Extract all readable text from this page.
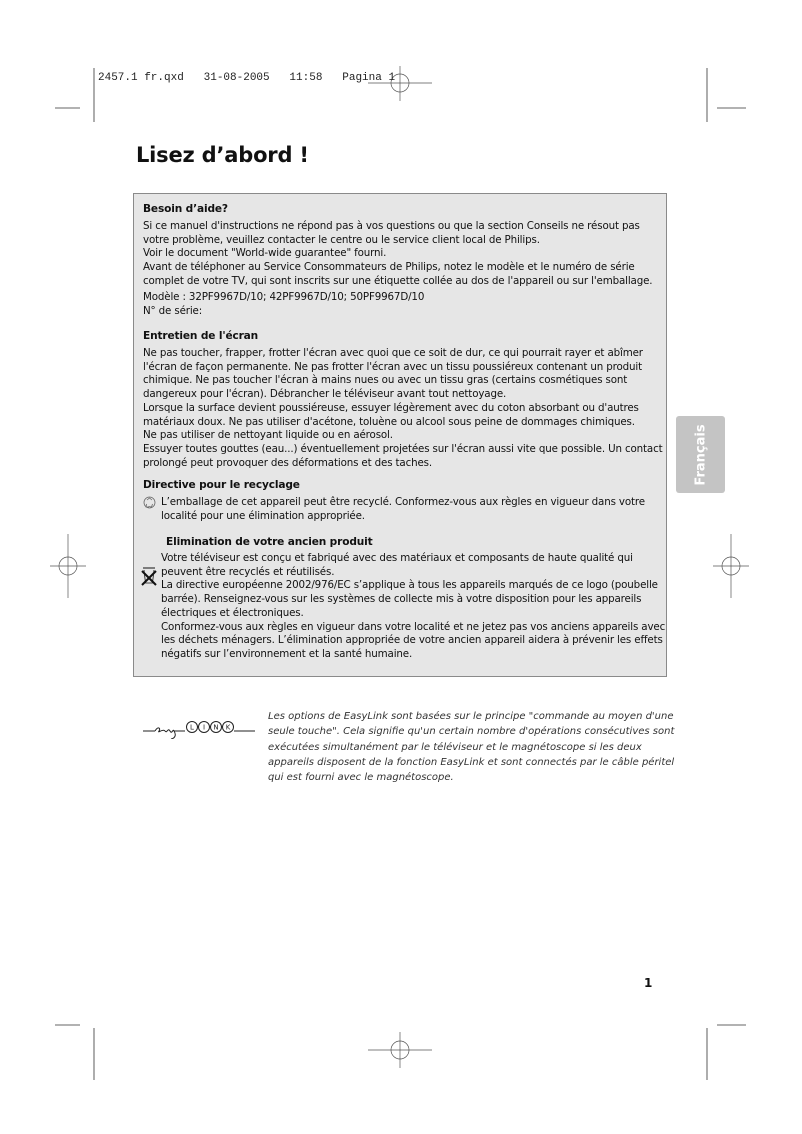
2457.1 fr.qxd   31-08-2005   11:58   Pagina 1
Lisez d’abord !
Besoin d’aide?
Si ce manuel d'instructions ne répond pas à vos questions ou que la section Conseils ne résout pas
votre problème, veuillez contacter le centre ou le service client local de Philips.
Voir le document "World-wide guarantee" fourni.
Avant de téléphoner au Service Consommateurs de Philips, notez le modèle et le numéro de série
complet de votre TV, qui sont inscrits sur une étiquette collée au dos de l'appareil ou sur l'emballage.
Modèle : 32PF9967D/10; 42PF9967D/10; 50PF9967D/10
N° de série:
Entretien de l'écran
Ne pas toucher, frapper, frotter l'écran avec quoi que ce soit de dur, ce qui pourrait rayer et abîmer
l'écran de façon permanente. Ne pas frotter l'écran avec un tissu poussiéreux contenant un produit
chimique. Ne pas toucher l'écran à mains nues ou avec un tissu gras (certains cosmétiques sont
dangereux pour l'écran). Débrancher le téléviseur avant tout nettoyage.
Lorsque la surface devient poussiéreuse, essuyer légèrement avec du coton absorbant ou d'autres
matériaux doux. Ne pas utiliser d'acétone, toluène ou alcool sous peine de dommages chimiques.
Ne pas utiliser de nettoyant liquide ou en aérosol.
Essuyer toutes gouttes (eau...) éventuellement projetées sur l'écran aussi vite que possible. Un contact
prolongé peut provoquer des déformations et des taches.
Directive pour le recyclage
L’emballage de cet appareil peut être recyclé. Conformez-vous aux règles en vigueur dans votre
localité pour une élimination appropriée.
Elimination de votre ancien produit
Votre téléviseur est conçu et fabriqué avec des matériaux et composants de haute qualité qui
peuvent être recyclés et réutilisés.
La directive européenne 2002/976/EC s’applique à tous les appareils marqués de ce logo (poubelle
barrée). Renseignez-vous sur les systèmes de collecte mis à votre disposition pour les appareils
électriques et électroniques.
Conformez-vous aux règles en vigueur dans votre localité et ne jetez pas vos anciens appareils avec
les déchets ménagers. L’élimination appropriée de votre ancien appareil aidera à prévenir les effets
négatifs sur l’environnement et la santé humaine.
Français
L I N K
Les options de EasyLink sont basées sur le principe "commande au moyen d'une
seule touche". Cela signifie qu'un certain nombre d'opérations consécutives sont
exécutées simultanément par le téléviseur et le magnétoscope si les deux
appareils disposent de la fonction EasyLink et sont connectés par le câble péritel
qui est fourni avec le magnétoscope.
1
